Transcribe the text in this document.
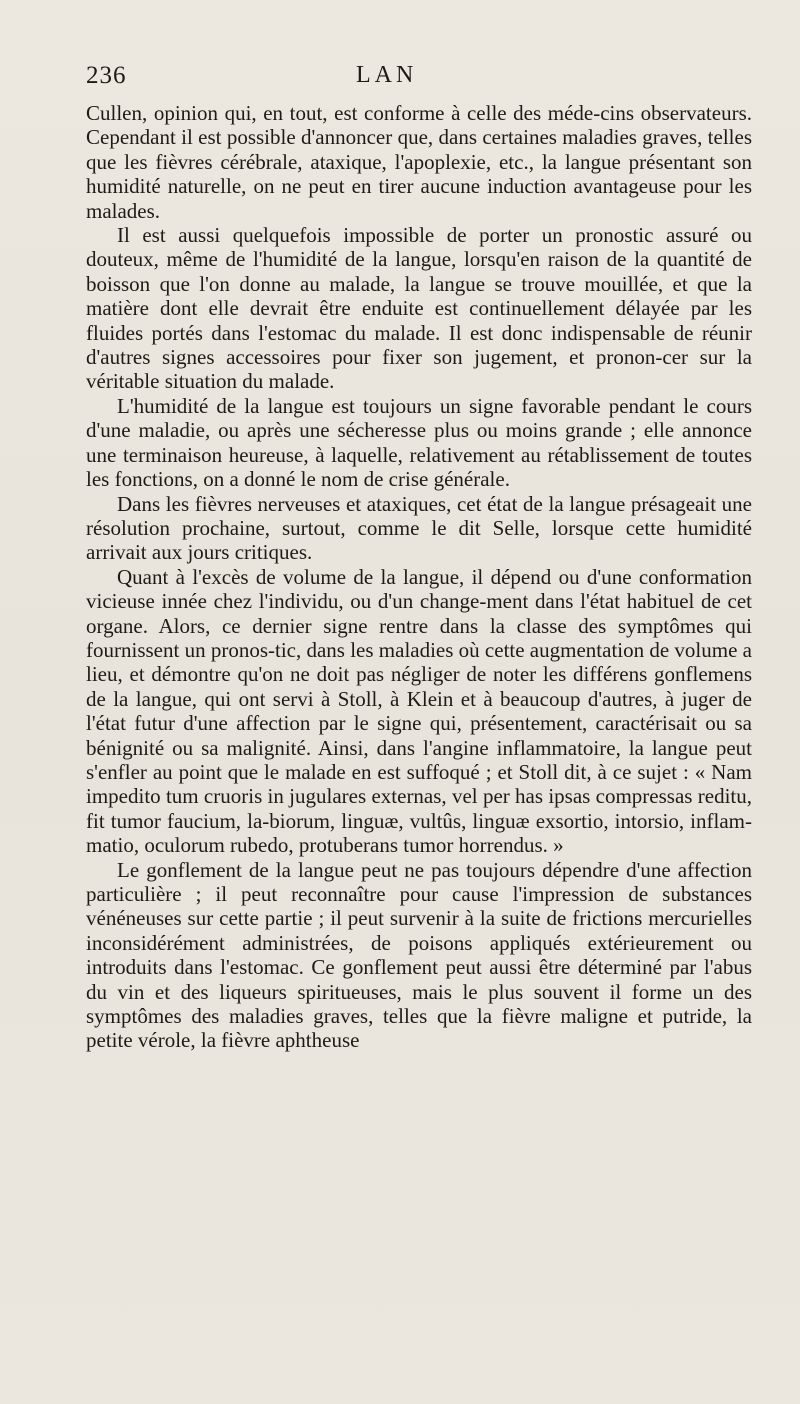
236	LAN

Cullen, opinion qui, en tout, est conforme à celle des méde-cins observateurs. Cependant il est possible d'annoncer que, dans certaines maladies graves, telles que les fièvres cérébrale, ataxique, l'apoplexie, etc., la langue présentant son humidité naturelle, on ne peut en tirer aucune induction avantageuse pour les malades.

Il est aussi quelquefois impossible de porter un pronostic assuré ou douteux, même de l'humidité de la langue, lorsqu'en raison de la quantité de boisson que l'on donne au malade, la langue se trouve mouillée, et que la matière dont elle devrait être enduite est continuellement délayée par les fluides portés dans l'estomac du malade. Il est donc indispensable de réunir d'autres signes accessoires pour fixer son jugement, et pronon-cer sur la véritable situation du malade.

L'humidité de la langue est toujours un signe favorable pendant le cours d'une maladie, ou après une sécheresse plus ou moins grande ; elle annonce une terminaison heureuse, à laquelle, relativement au rétablissement de toutes les fonctions, on a donné le nom de crise générale.

Dans les fièvres nerveuses et ataxiques, cet état de la langue présageait une résolution prochaine, surtout, comme le dit Selle, lorsque cette humidité arrivait aux jours critiques.

Quant à l'excès de volume de la langue, il dépend ou d'une conformation vicieuse innée chez l'individu, ou d'un change-ment dans l'état habituel de cet organe. Alors, ce dernier signe rentre dans la classe des symptômes qui fournissent un pronos-tic, dans les maladies où cette augmentation de volume a lieu, et démontre qu'on ne doit pas négliger de noter les différens gonflemens de la langue, qui ont servi à Stoll, à Klein et à beaucoup d'autres, à juger de l'état futur d'une affection par le signe qui, présentement, caractérisait ou sa bénignité ou sa malignité. Ainsi, dans l'angine inflammatoire, la langue peut s'enfler au point que le malade en est suffoqué ; et Stoll dit, à ce sujet : « Nam impedito tum cruoris in jugulares externas, vel per has ipsas compressas reditu, fit tumor faucium, la-biorum, linguæ, vultûs, linguæ exsortio, intorsio, inflam-matio, oculorum rubedo, protuberans tumor horrendus. »

Le gonflement de la langue peut ne pas toujours dépendre d'une affection particulière ; il peut reconnaître pour cause l'impression de substances vénéneuses sur cette partie ; il peut survenir à la suite de frictions mercurielles inconsidérément administrées, de poisons appliqués extérieurement ou introduits dans l'estomac. Ce gonflement peut aussi être déterminé par l'abus du vin et des liqueurs spiritueuses, mais le plus souvent il forme un des symptômes des maladies graves, telles que la fièvre maligne et putride, la petite vérole, la fièvre aphtheuse
